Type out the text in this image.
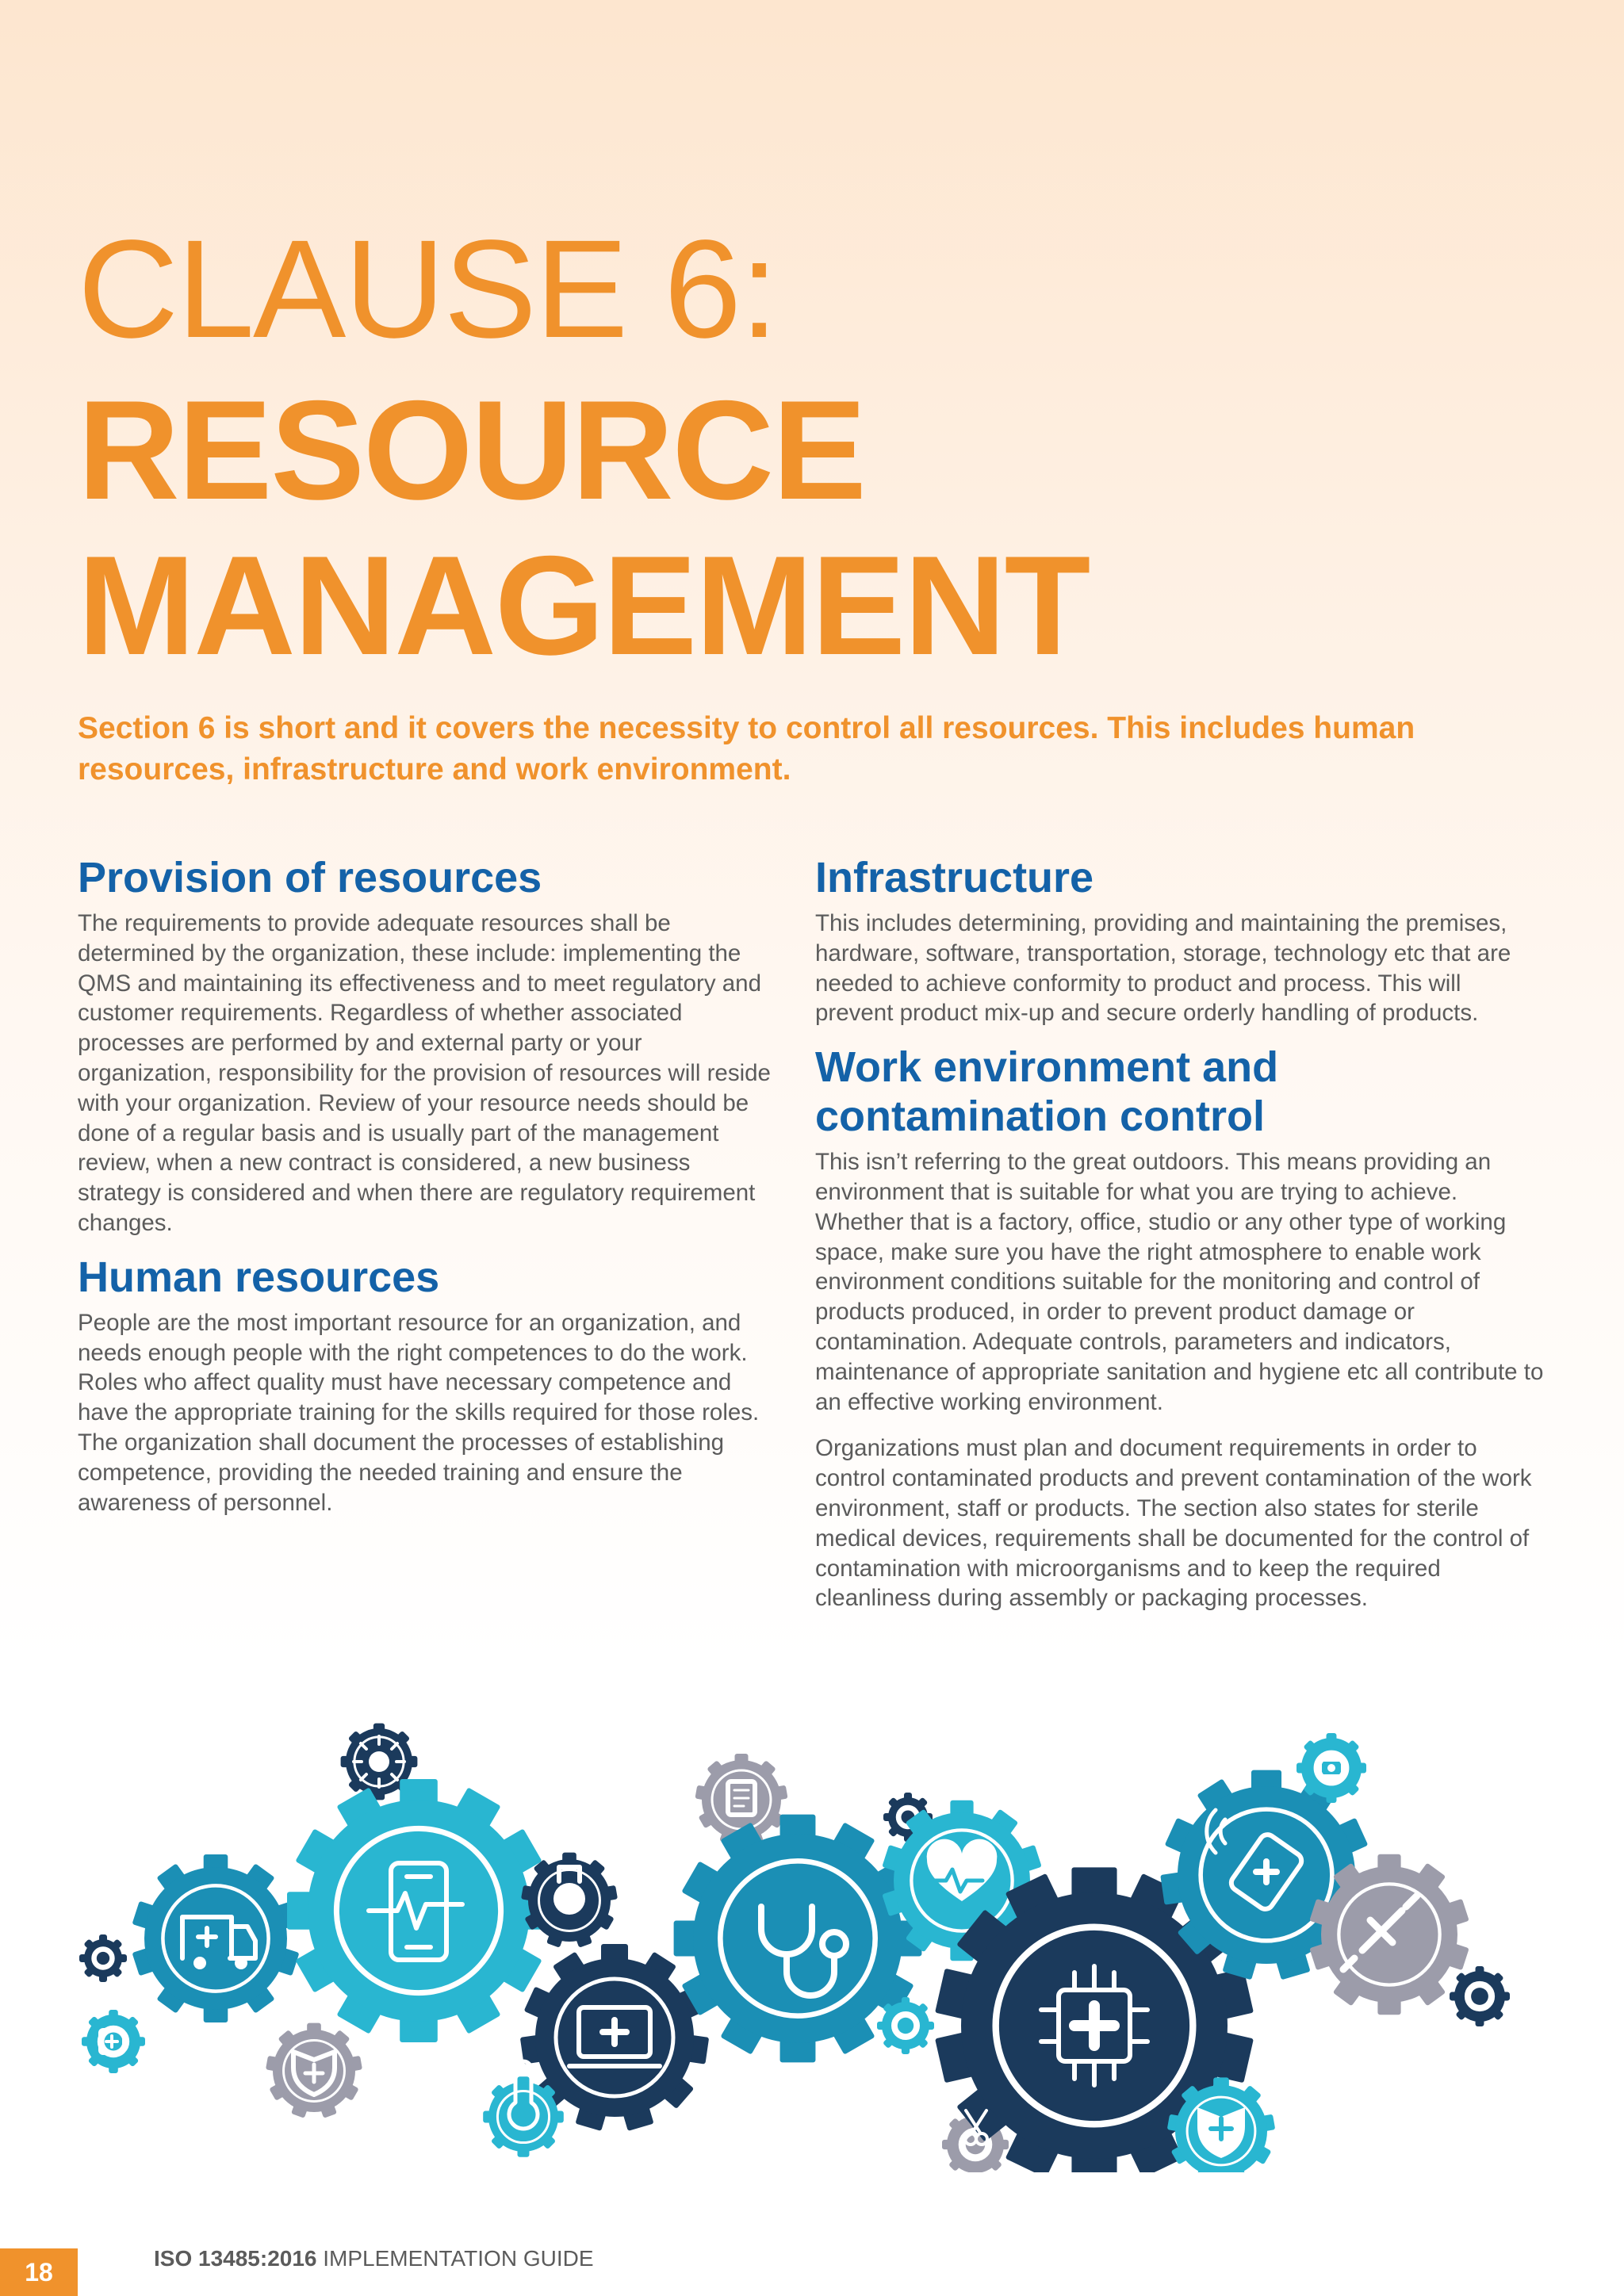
CLAUSE 6:
RESOURCE
MANAGEMENT

Section 6 is short and it covers the necessity to control all resources. This includes human resources, infrastructure and work environment.

Provision of resources

The requirements to provide adequate resources shall be determined by the organization, these include: implementing the QMS and maintaining its effectiveness and to meet regulatory and customer requirements. Regardless of whether associated processes are performed by and external party or your organization, responsibility for the provision of resources will reside with your organization. Review of your resource needs should be done of a regular basis and is usually part of the management review, when a new contract is considered, a new business strategy is considered and when there are regulatory requirement changes.

Human resources

People are the most important resource for an organization, and needs enough people with the right competences to do the work. Roles who affect quality must have necessary competence and have the appropriate training for the skills required for those roles. The organization shall document the processes of establishing competence, providing the needed training and ensure the awareness of personnel.

Infrastructure

This includes determining, providing and maintaining the premises, hardware, software, transportation, storage, technology etc that are needed to achieve conformity to product and process. This will prevent product mix-up and secure orderly handling of products.

Work environment and
contamination control

This isn’t referring to the great outdoors. This means providing an environment that is suitable for what you are trying to achieve. Whether that is a factory, office, studio or any other type of working space, make sure you have the right atmosphere to enable work environment conditions suitable for the monitoring and control of products produced, in order to prevent product damage or contamination. Adequate controls, parameters and indicators, maintenance of appropriate sanitation and hygiene etc all contribute to an effective working environment.

Organizations must plan and document requirements in order to control contaminated products and prevent contamination of the work environment, staff or products. The section also states for sterile medical devices, requirements shall be documented for the control of contamination with microorganisms and to keep the required cleanliness during assembly or packaging processes.

18	ISO 13485:2016 IMPLEMENTATION GUIDE
